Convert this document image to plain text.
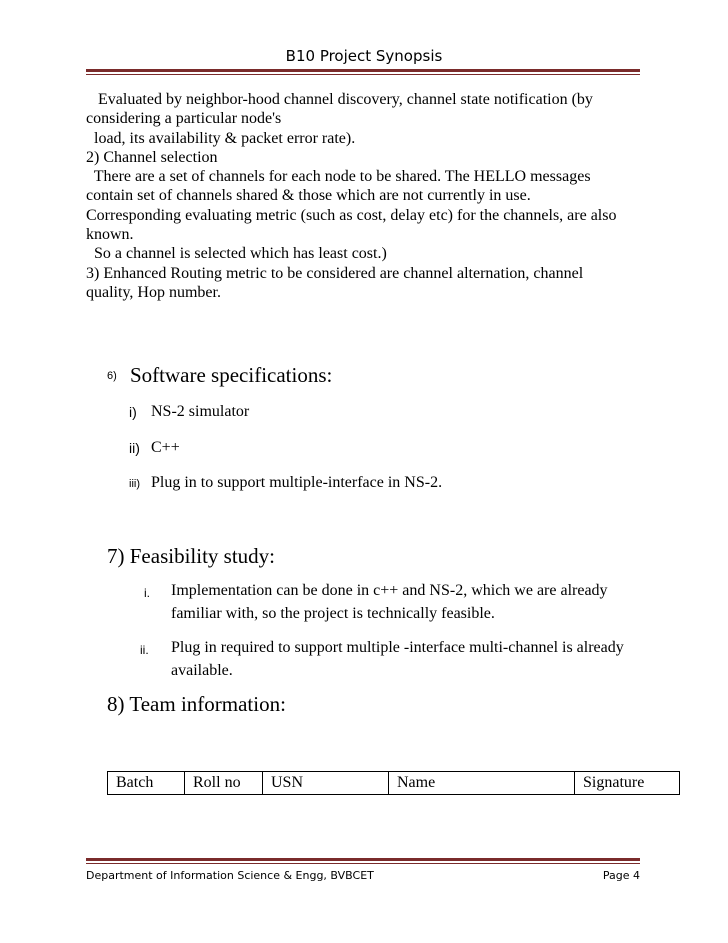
B10 Project Synopsis
Evaluated by neighbor-hood channel discovery, channel state notification (by
considering a particular node's
load, its availability & packet error rate).
2) Channel selection
There are a set of channels for each node to be shared. The HELLO messages
contain set of channels shared & those which are not currently in use.
Corresponding evaluating metric (such as cost, delay etc) for the channels, are also
known.
So a channel is selected which has least cost.)
3) Enhanced Routing metric to be considered are channel alternation, channel
quality, Hop number.
6) Software specifications:
i) NS-2 simulator
ii) C++
iii) Plug in to support multiple-interface in NS-2.
7) Feasibility study:
i. Implementation can be done in c++ and NS-2, which we are already familiar with, so the project is technically feasible.
ii. Plug in required to support multiple -interface multi-channel is already available.
8) Team information:
Batch	Roll no	USN	Name	Signature
Department of Information Science & Engg, BVBCET	Page 4
